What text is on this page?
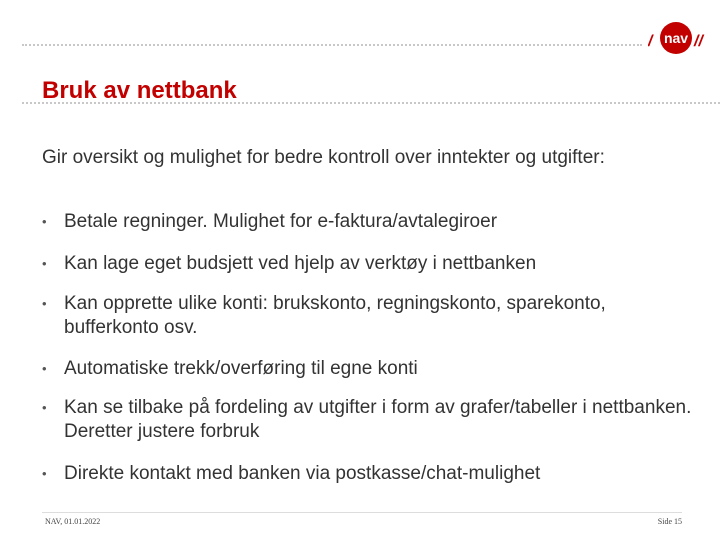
/ nav //
Bruk av nettbank

Gir oversikt og mulighet for bedre kontroll over inntekter og utgifter:

• Betale regninger. Mulighet for e-faktura/avtalegiroer
• Kan lage eget budsjett ved hjelp av verktøy i nettbanken
• Kan opprette ulike konti: brukskonto, regningskonto, sparekonto, bufferkonto osv.
• Automatiske trekk/overføring til egne konti
• Kan se tilbake på fordeling av utgifter i form av grafer/tabeller i nettbanken. Deretter justere forbruk
• Direkte kontakt med banken via postkasse/chat-mulighet
NAV, 01.01.2022	Side 15
